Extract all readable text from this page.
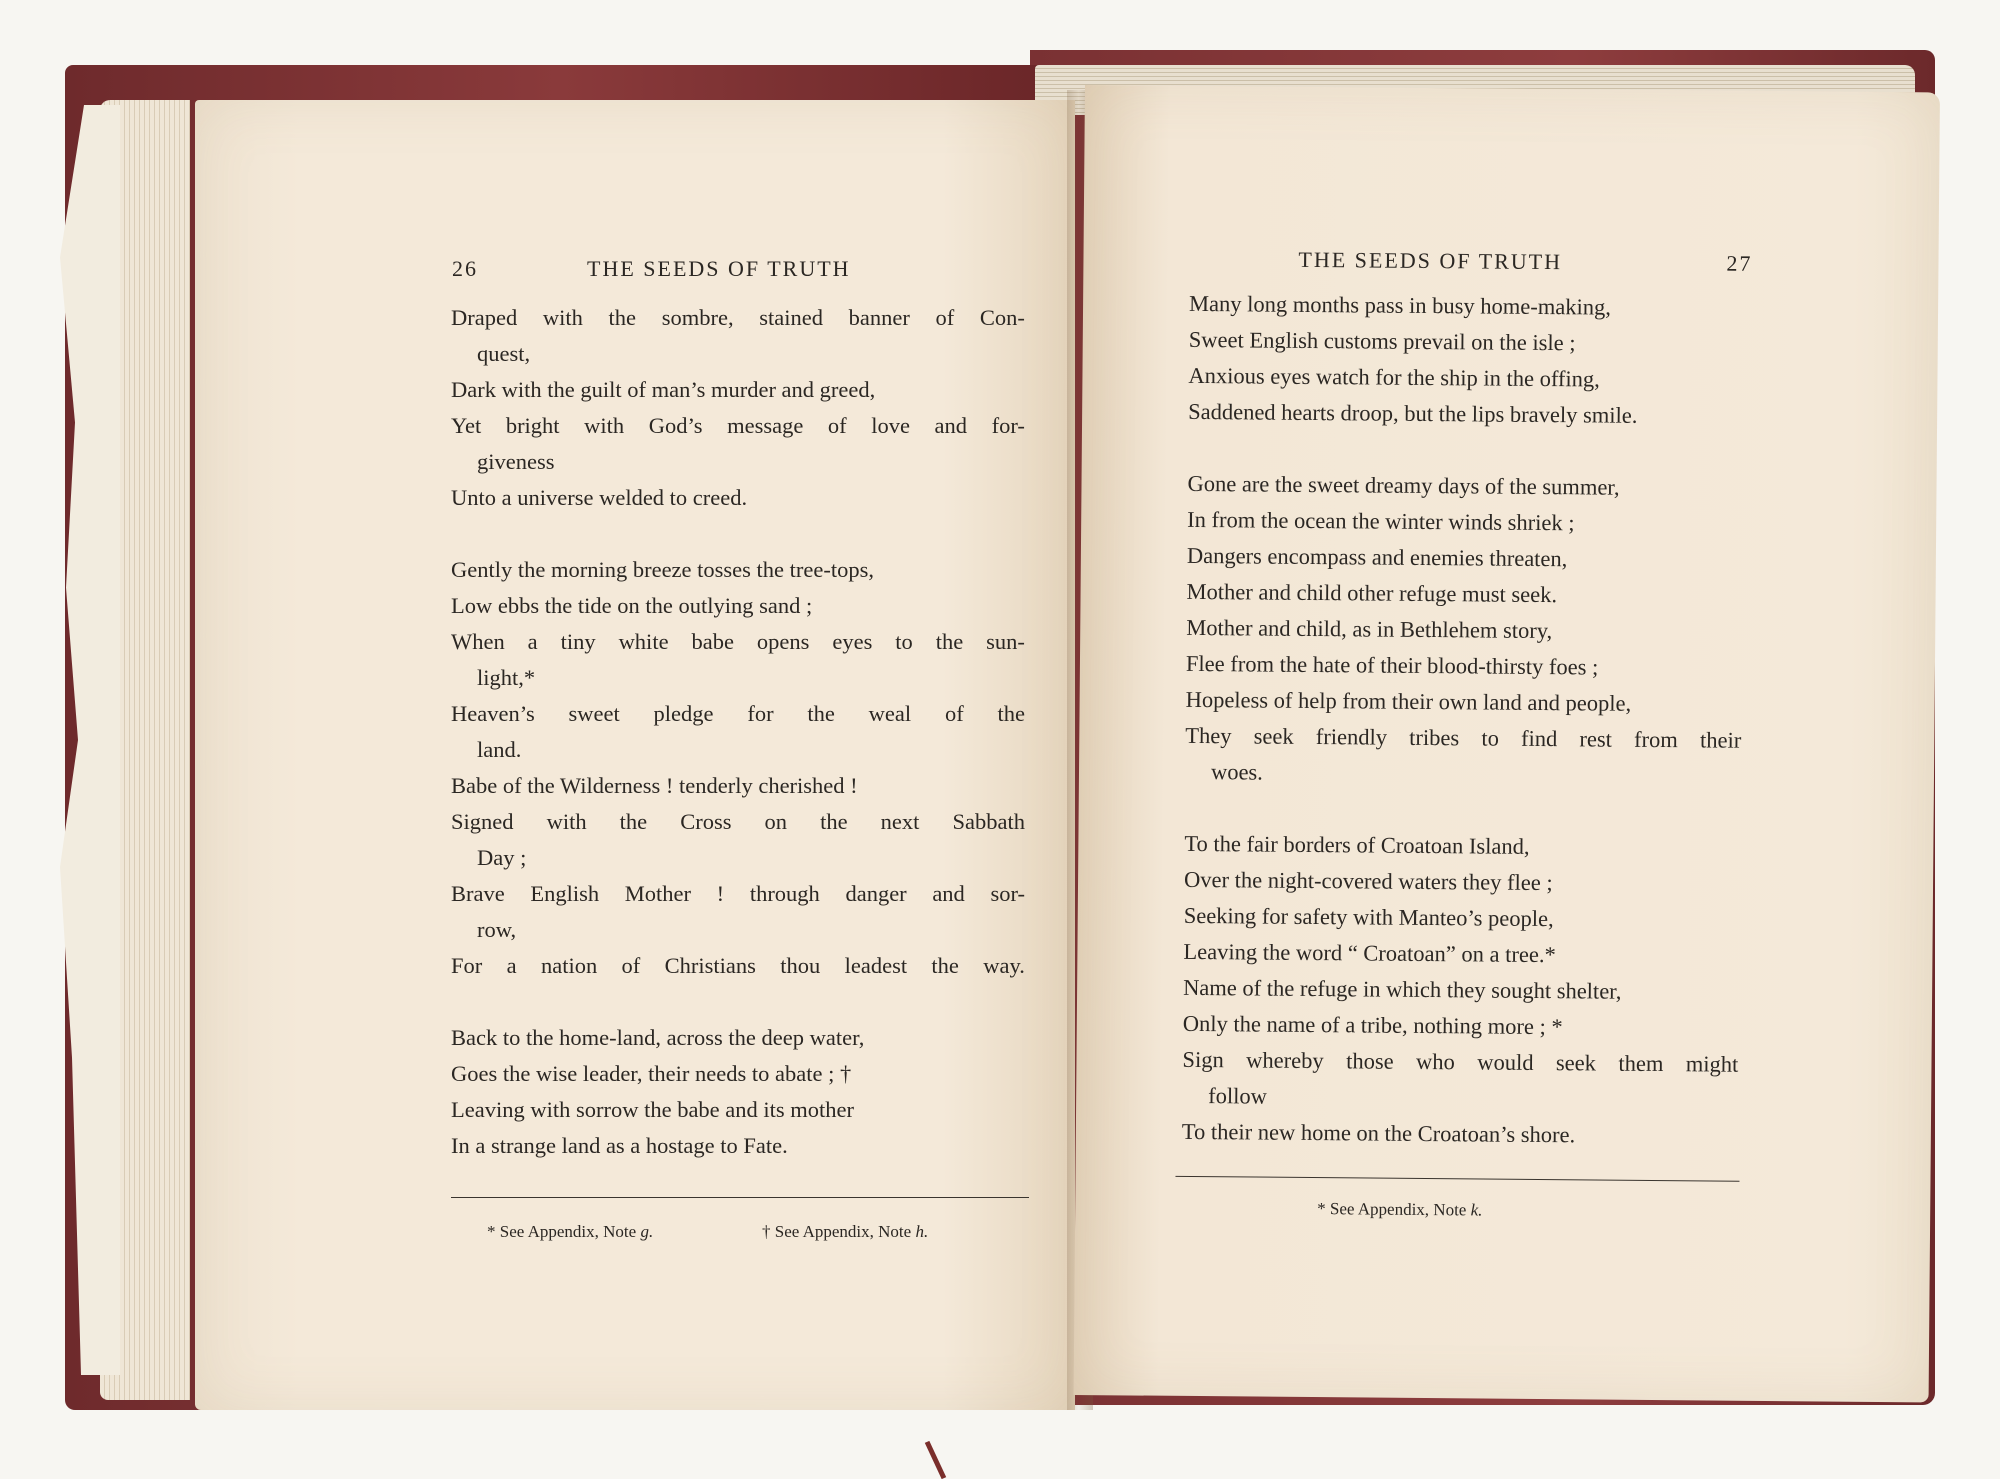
26	THE SEEDS OF TRUTH
Draped with the sombre, stained banner of Con-
quest,
Dark with the guilt of man’s murder and greed,
Yet bright with God’s message of love and for-
giveness
Unto a universe welded to creed.
Gently the morning breeze tosses the tree-tops,
Low ebbs the tide on the outlying sand ;
When a tiny white babe opens eyes to the sun-
light,*
Heaven’s sweet pledge for the weal of the
land.
Babe of the Wilderness ! tenderly cherished !
Signed with the Cross on the next Sabbath
Day ;
Brave English Mother ! through danger and sor-
row,
For a nation of Christians thou leadest the way.
Back to the home-land, across the deep water,
Goes the wise leader, their needs to abate ; †
Leaving with sorrow the babe and its mother
In a strange land as a hostage to Fate.
* See Appendix, Note g.	† See Appendix, Note h.
THE SEEDS OF TRUTH	27
Many long months pass in busy home-making,
Sweet English customs prevail on the isle ;
Anxious eyes watch for the ship in the offing,
Saddened hearts droop, but the lips bravely smile.
Gone are the sweet dreamy days of the summer,
In from the ocean the winter winds shriek ;
Dangers encompass and enemies threaten,
Mother and child other refuge must seek.
Mother and child, as in Bethlehem story,
Flee from the hate of their blood-thirsty foes ;
Hopeless of help from their own land and people,
They seek friendly tribes to find rest from their
woes.
To the fair borders of Croatoan Island,
Over the night-covered waters they flee ;
Seeking for safety with Manteo’s people,
Leaving the word “ Croatoan” on a tree.*
Name of the refuge in which they sought shelter,
Only the name of a tribe, nothing more ; *
Sign whereby those who would seek them might
follow
To their new home on the Croatoan’s shore.
* See Appendix, Note k.
